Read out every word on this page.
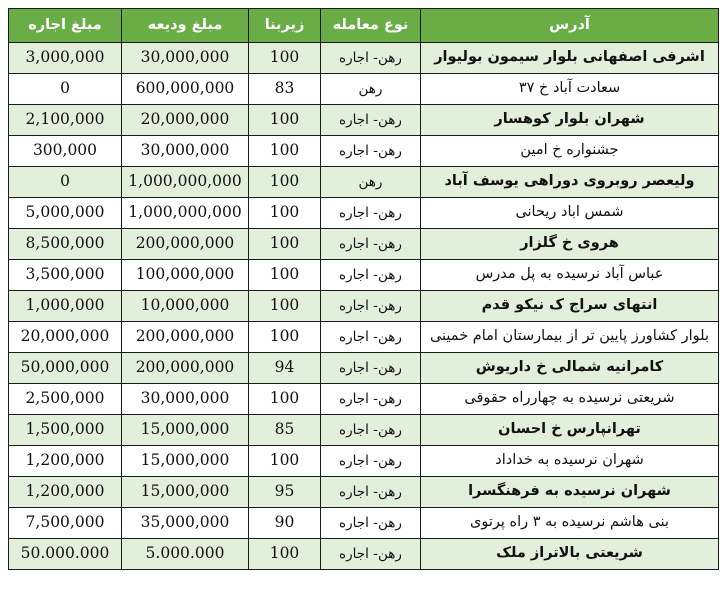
آدرس	نوع معامله	زیربنا	مبلغ ودیعه	مبلغ اجاره
اشرفی اصفهانی بلوار سیمون بولیوار	رهن- اجاره	100	30,000,000	3,000,000
سعادت آباد خ ۳۷	رهن	83	600,000,000	0
شهران بلوار کوهسار	رهن- اجاره	100	20,000,000	2,100,000
جشنواره خ امین	رهن- اجاره	100	30,000,000	300,000
ولیعصر روبروی دوراهی یوسف آباد	رهن	100	1,000,000,000	0
شمس اباد ریحانی	رهن- اجاره	100	1,000,000,000	5,000,000
هروی خ گلزار	رهن- اجاره	100	200,000,000	8,500,000
عباس آباد نرسیده به پل مدرس	رهن- اجاره	100	100,000,000	3,500,000
انتهای سراج ک نیکو قدم	رهن- اجاره	100	10,000,000	1,000,000
بلوار کشاورز پایین تر از بیمارستان امام خمینی	رهن- اجاره	100	200,000,000	20,000,000
کامرانیه شمالی خ داریوش	رهن- اجاره	94	200,000,000	50,000,000
شریعتی نرسیده به چهارراه حقوقی	رهن- اجاره	100	30,000,000	2,500,000
تهرانپارس خ احسان	رهن- اجاره	85	15,000,000	1,500,000
شهران نرسیده به خداداد	رهن- اجاره	100	15,000,000	1,200,000
شهران نرسیده به فرهنگسرا	رهن- اجاره	95	15,000,000	1,200,000
بنی هاشم نرسیده به ۳ راه پرتوی	رهن- اجاره	90	35,000,000	7,500,000
شریعتی بالاتراز ملک	رهن- اجاره	100	5.000.000	50.000.000
